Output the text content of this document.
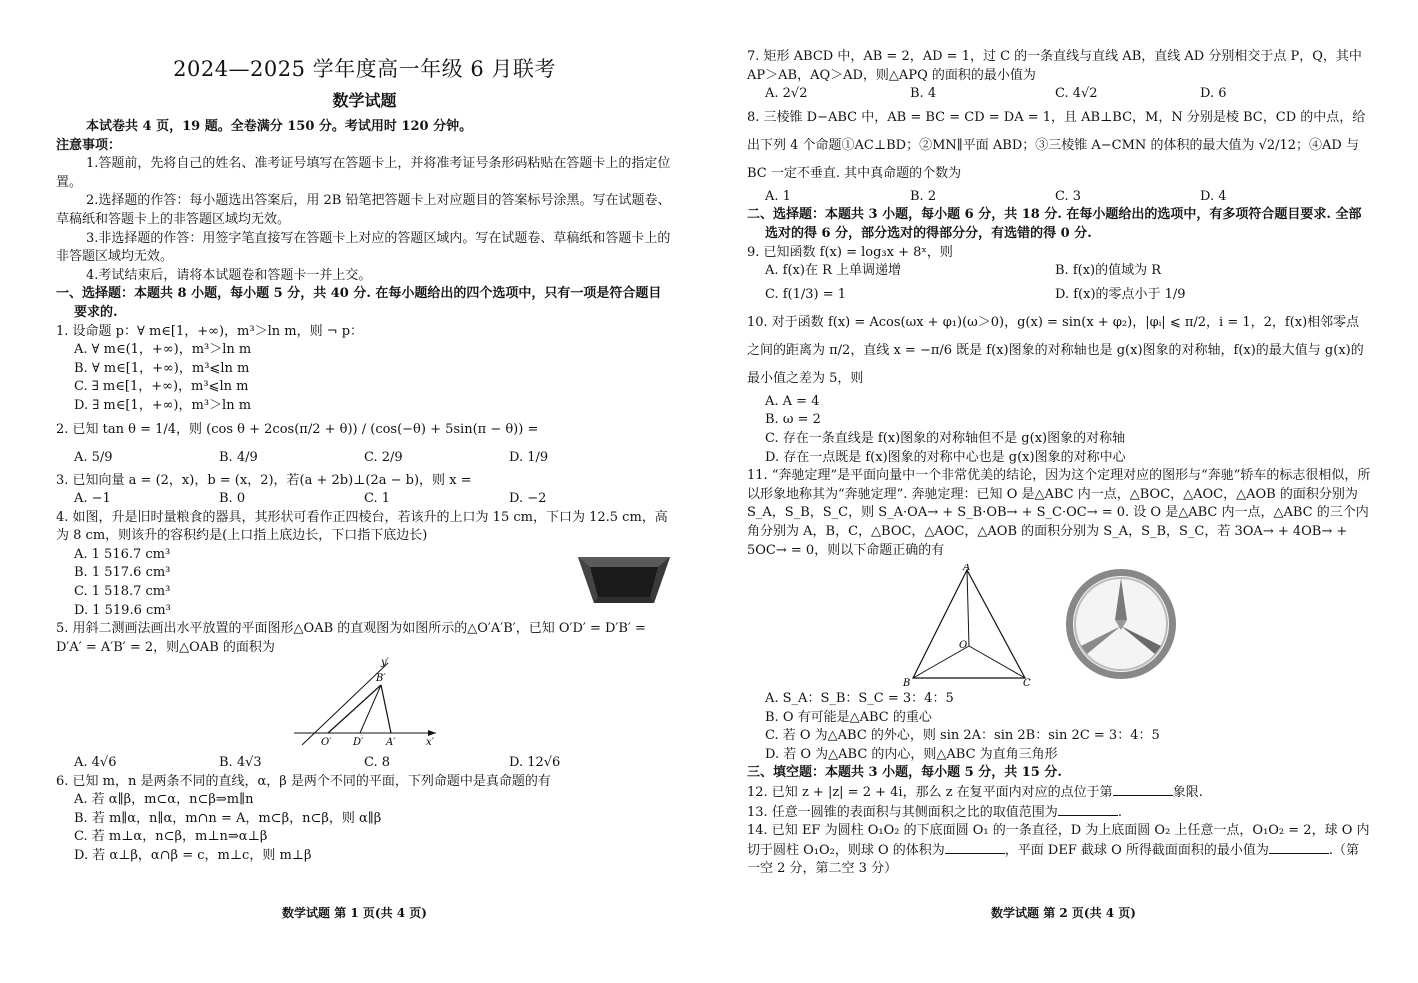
2024—2025 学年度高一年级 6 月联考
数学试题
本试卷共 4 页，19 题。全卷满分 150 分。考试用时 120 分钟。
注意事项：
1.答题前，先将自己的姓名、准考证号填写在答题卡上，并将准考证号条形码粘贴在答题卡上的指定位置。
2.选择题的作答：每小题选出答案后，用 2B 铅笔把答题卡上对应题目的答案标号涂黑。写在试题卷、草稿纸和答题卡上的非答题区域均无效。
3.非选择题的作答：用签字笔直接写在答题卡上对应的答题区域内。写在试题卷、草稿纸和答题卡上的非答题区域均无效。
4.考试结束后，请将本试题卷和答题卡一并上交。
一、选择题：本题共 8 小题，每小题 5 分，共 40 分. 在每小题给出的四个选项中，只有一项是符合题目要求的.
1. 设命题 p：∀ m∈[1，+∞)，m³＞ln m，则 ¬ p：
A. ∀ m∈(1，+∞)，m³＞ln m
B. ∀ m∈[1，+∞)，m³⩽ln m
C. ∃ m∈[1，+∞)，m³⩽ln m
D. ∃ m∈[1，+∞)，m³＞ln m
2. 已知 tan θ = 1/4，则 (cos θ + 2cos(π/2 + θ)) / (cos(−θ) + 5sin(π − θ)) =
A. 5/9	B. 4/9	C. 2/9	D. 1/9
3. 已知向量 a = (2，x)，b = (x，2)，若(a + 2b)⊥(2a − b)，则 x =
A. −1	B. 0	C. 1	D. −2
4. 如图，升是旧时量粮食的器具，其形状可看作正四棱台，若该升的上口为 15 cm，下口为 12.5 cm，高为 8 cm，则该升的容积约是(上口指上底边长，下口指下底边长)
A. 1 516.7 cm³
B. 1 517.6 cm³
C. 1 518.7 cm³
D. 1 519.6 cm³
5. 用斜二测画法画出水平放置的平面图形△OAB 的直观图为如图所示的△O′A′B′，已知 O′D′ = D′B′ = D′A′ = A′B′ = 2，则△OAB 的面积为
y′
B′
O′ D′ A′	x′
A. 4√6	B. 4√3	C. 8	D. 12√6
6. 已知 m，n 是两条不同的直线，α，β 是两个不同的平面，下列命题中是真命题的有
A. 若 α∥β，m⊂α，n⊂β⇒m∥n
B. 若 m∥α，n∥α，m∩n = A，m⊂β，n⊂β，则 α∥β
C. 若 m⊥α，n⊂β，m⊥n⇒α⊥β
D. 若 α⊥β，α∩β = c，m⊥c，则 m⊥β
数学试题 第 1 页(共 4 页)
7. 矩形 ABCD 中，AB = 2，AD = 1，过 C 的一条直线与直线 AB，直线 AD 分别相交于点 P，Q，其中 AP＞AB，AQ＞AD，则△APQ 的面积的最小值为
A. 2√2	B. 4	C. 4√2	D. 6
8. 三棱锥 D−ABC 中，AB = BC = CD = DA = 1，且 AB⊥BC，M，N 分别是棱 BC，CD 的中点，给出下列 4 个命题①AC⊥BD；②MN∥平面 ABD；③三棱锥 A−CMN 的体积的最大值为 √2/12；④AD 与 BC 一定不垂直. 其中真命题的个数为
A. 1	B. 2	C. 3	D. 4
二、选择题：本题共 3 小题，每小题 6 分，共 18 分. 在每小题给出的选项中，有多项符合题目要求. 全部选对的得 6 分，部分选对的得部分分，有选错的得 0 分.
9. 已知函数 f(x) = log₃x + 8ˣ，则
A. f(x)在 R 上单调递增	B. f(x)的值域为 R
C. f(1/3) = 1	D. f(x)的零点小于 1/9
10. 对于函数 f(x) = Acos(ωx + φ₁)(ω＞0)，g(x) = sin(x + φ₂)，|φᵢ| ⩽ π/2，i = 1，2，f(x)相邻零点之间的距离为 π/2，直线 x = −π/6 既是 f(x)图象的对称轴也是 g(x)图象的对称轴，f(x)的最大值与 g(x)的最小值之差为 5，则
A. A = 4
B. ω = 2
C. 存在一条直线是 f(x)图象的对称轴但不是 g(x)图象的对称轴
D. 存在一点既是 f(x)图象的对称中心也是 g(x)图象的对称中心
11. “奔驰定理”是平面向量中一个非常优美的结论，因为这个定理对应的图形与“奔驰”轿车的标志很相似，所以形象地称其为“奔驰定理”. 奔驰定理：已知 O 是△ABC 内一点，△BOC，△AOC，△AOB 的面积分别为 S_A，S_B，S_C，则 S_A·OA→ + S_B·OB→ + S_C·OC→ = 0. 设 O 是△ABC 内一点，△ABC 的三个内角分别为 A，B，C，△BOC，△AOC，△AOB 的面积分别为 S_A，S_B，S_C，若 3OA→ + 4OB→ + 5OC→ = 0，则以下命题正确的有
A
O
B	C
A. S_A：S_B：S_C = 3：4：5
B. O 有可能是△ABC 的重心
C. 若 O 为△ABC 的外心，则 sin 2A：sin 2B：sin 2C = 3：4：5
D. 若 O 为△ABC 的内心，则△ABC 为直角三角形
三、填空题：本题共 3 小题，每小题 5 分，共 15 分.
12. 已知 z + |z| = 2 + 4i，那么 z 在复平面内对应的点位于第	象限.
13. 任意一圆锥的表面积与其侧面积之比的取值范围为	.
14. 已知 EF 为圆柱 O₁O₂ 的下底面圆 O₁ 的一条直径，D 为上底面圆 O₂ 上任意一点，O₁O₂ = 2，球 O 内切于圆柱 O₁O₂，则球 O 的体积为	，平面 DEF 截球 O 所得截面面积的最小值为	.（第一空 2 分，第二空 3 分）
数学试题 第 2 页(共 4 页)
